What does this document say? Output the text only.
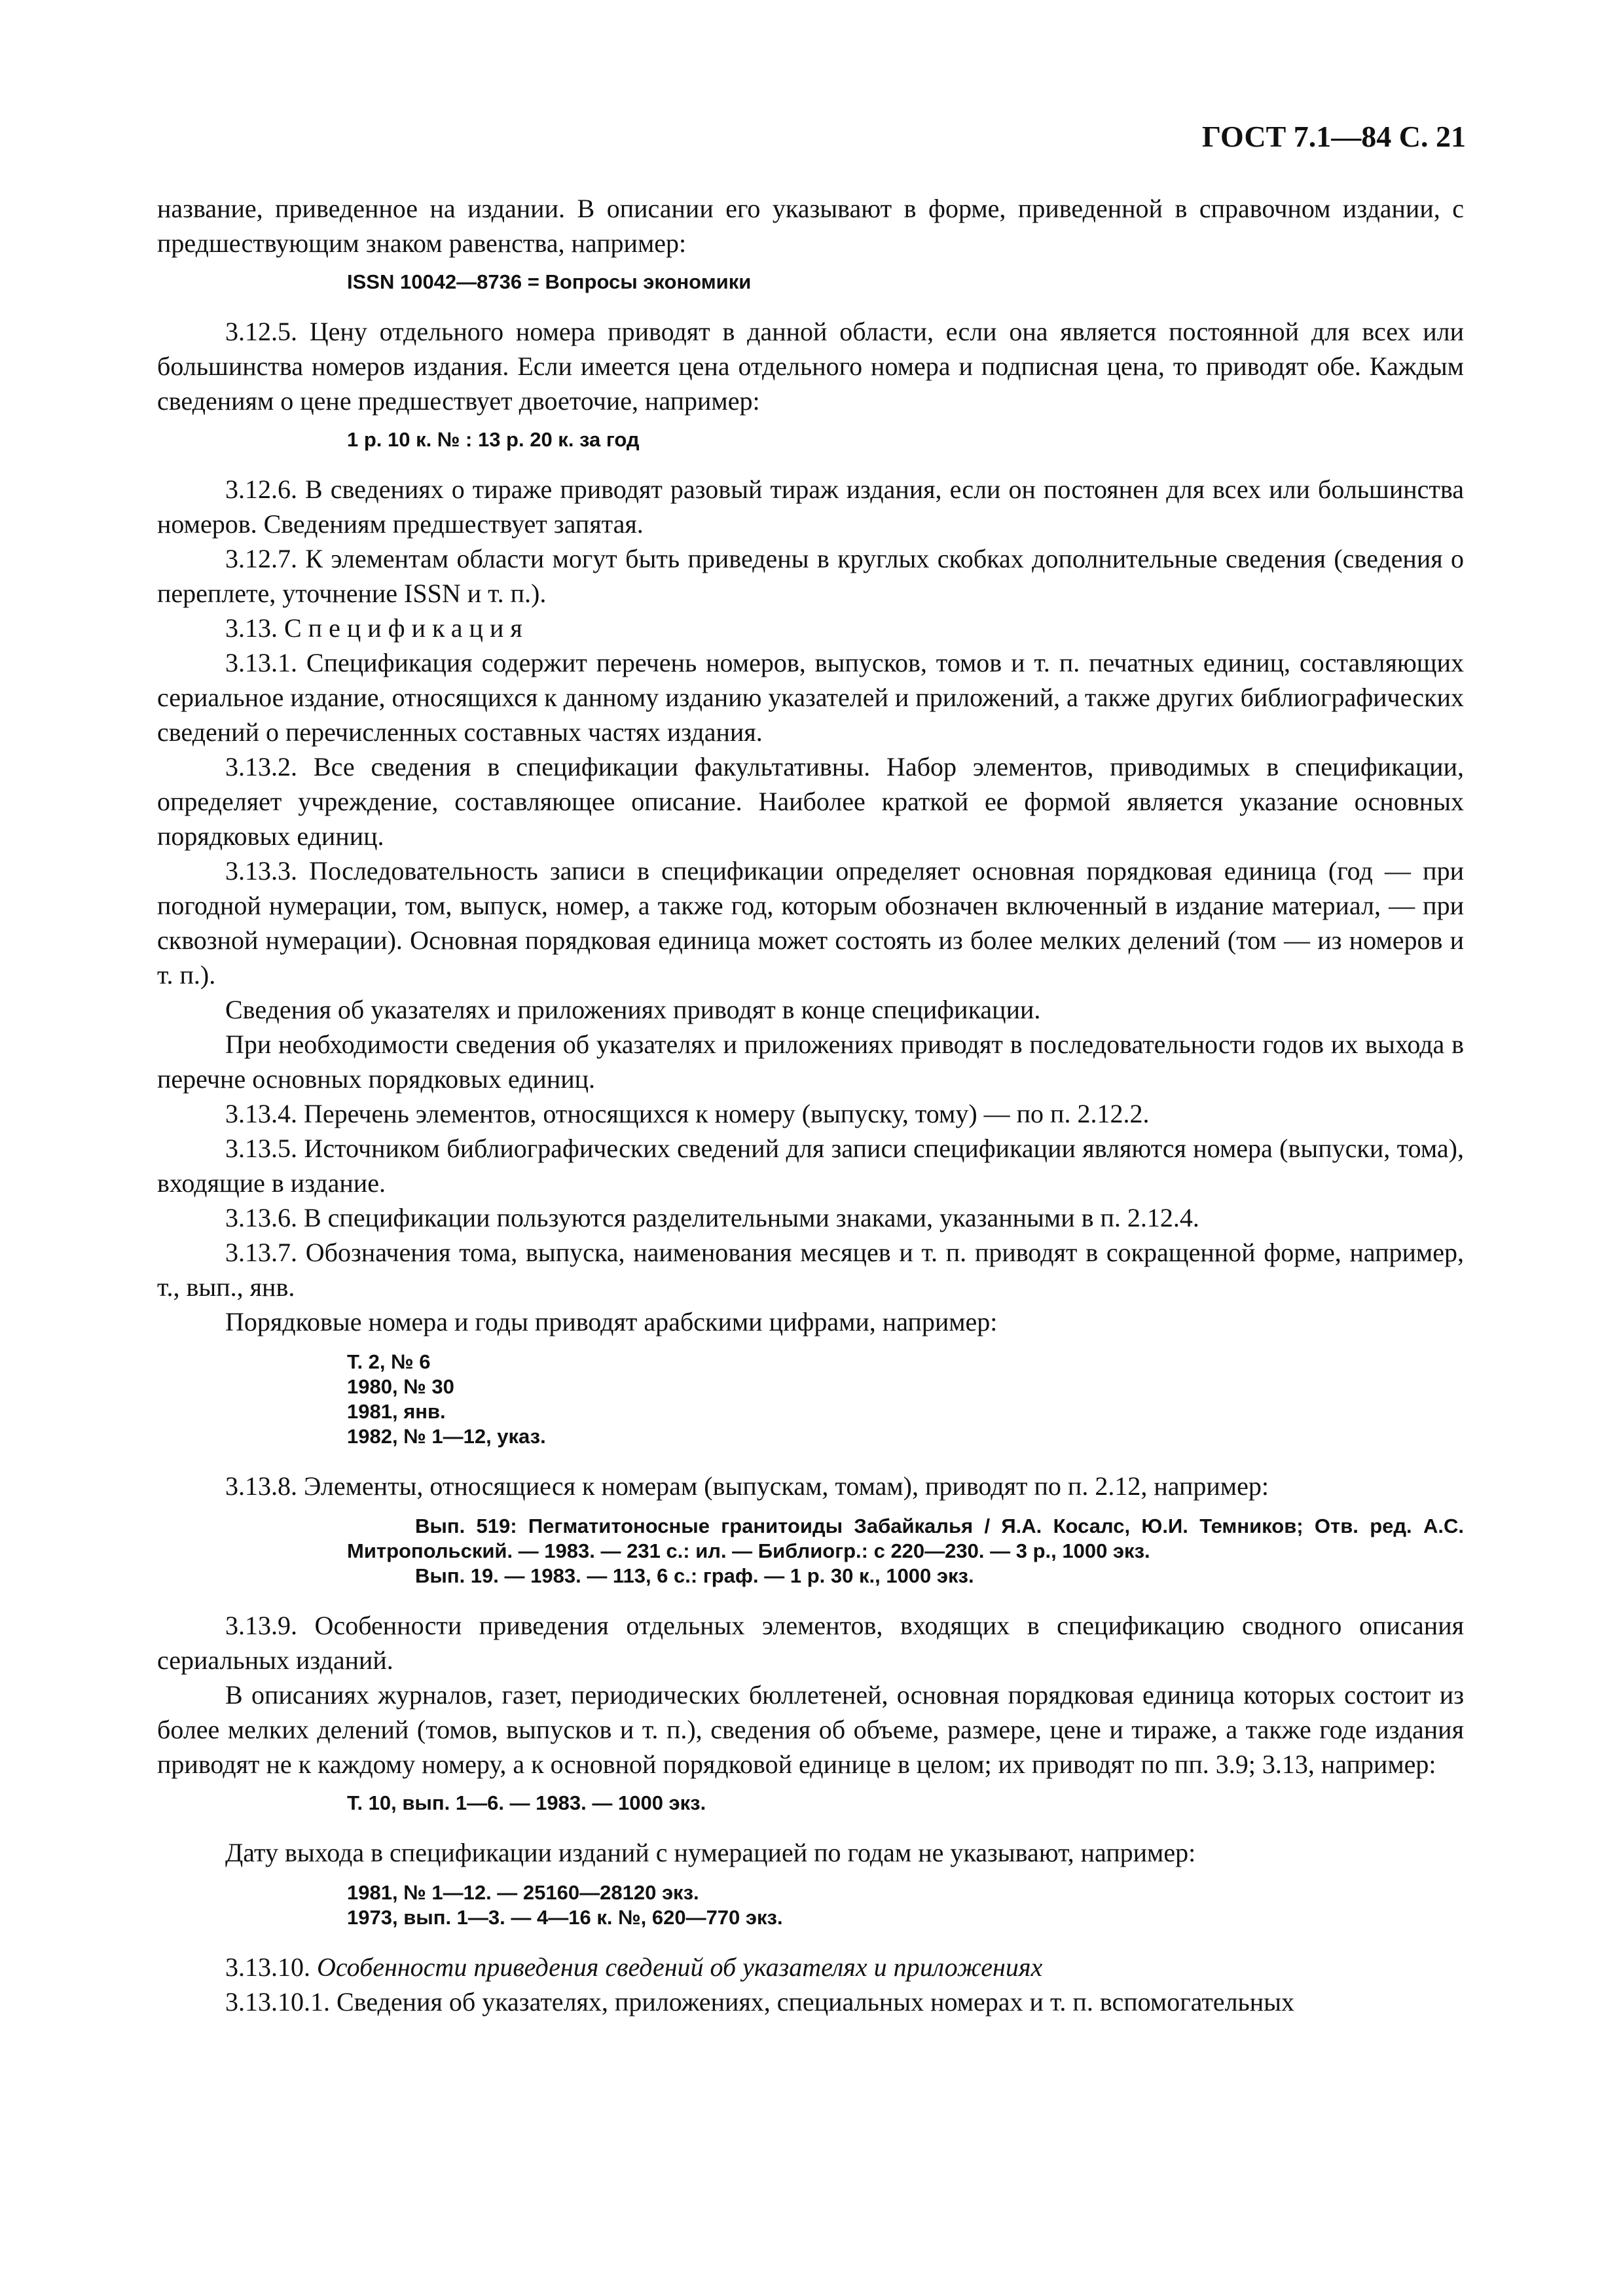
ГОСТ 7.1—84 С. 21

название, приведенное на издании. В описании его указывают в форме, приведенной в справочном издании, с предшествующим знаком равенства, например:

ISSN 10042—8736 = Вопросы экономики

3.12.5. Цену отдельного номера приводят в данной области, если она является постоянной для всех или большинства номеров издания. Если имеется цена отдельного номера и подписная цена, то приводят обе. Каждым сведениям о цене предшествует двоеточие, например:

1 р. 10 к. № : 13 р. 20 к. за год

3.12.6. В сведениях о тираже приводят разовый тираж издания, если он постоянен для всех или большинства номеров. Сведениям предшествует запятая.

3.12.7. К элементам области могут быть приведены в круглых скобках дополнительные сведения (сведения о переплете, уточнение ISSN и т. п.).

3.13. Спецификация

3.13.1. Спецификация содержит перечень номеров, выпусков, томов и т. п. печатных единиц, составляющих сериальное издание, относящихся к данному изданию указателей и приложений, а также других библиографических сведений о перечисленных составных частях издания.

3.13.2. Все сведения в спецификации факультативны. Набор элементов, приводимых в спецификации, определяет учреждение, составляющее описание. Наиболее краткой ее формой является указание основных порядковых единиц.

3.13.3. Последовательность записи в спецификации определяет основная порядковая единица (год — при погодной нумерации, том, выпуск, номер, а также год, которым обозначен включенный в издание материал, — при сквозной нумерации). Основная порядковая единица может состоять из более мелких делений (том — из номеров и т. п.).

Сведения об указателях и приложениях приводят в конце спецификации.

При необходимости сведения об указателях и приложениях приводят в последовательности годов их выхода в перечне основных порядковых единиц.

3.13.4. Перечень элементов, относящихся к номеру (выпуску, тому) — по п. 2.12.2.

3.13.5. Источником библиографических сведений для записи спецификации являются номера (выпуски, тома), входящие в издание.

3.13.6. В спецификации пользуются разделительными знаками, указанными в п. 2.12.4.

3.13.7. Обозначения тома, выпуска, наименования месяцев и т. п. приводят в сокращенной форме, например, т., вып., янв.

Порядковые номера и годы приводят арабскими цифрами, например:

Т. 2, № 6

1980, № 30

1981, янв.

1982, № 1—12, указ.

3.13.8. Элементы, относящиеся к номерам (выпускам, томам), приводят по п. 2.12, например:

Вып. 519: Пегматитоносные гранитоиды Забайкалья / Я.А. Косалс, Ю.И. Темников; Отв. ред. А.С. Митропольский. — 1983. — 231 с.: ил. — Библиогр.: с 220—230. — 3 р., 1000 экз.

Вып. 19. — 1983. — 113, 6 с.: граф. — 1 р. 30 к., 1000 экз.

3.13.9. Особенности приведения отдельных элементов, входящих в спецификацию сводного описания сериальных изданий.

В описаниях журналов, газет, периодических бюллетеней, основная порядковая единица которых состоит из более мелких делений (томов, выпусков и т. п.), сведения об объеме, размере, цене и тираже, а также годе издания приводят не к каждому номеру, а к основной порядковой единице в целом; их приводят по пп. 3.9; 3.13, например:

Т. 10, вып. 1—6. — 1983. — 1000 экз.

Дату выхода в спецификации изданий с нумерацией по годам не указывают, например:

1981, № 1—12. — 25160—28120 экз.

1973, вып. 1—3. — 4—16 к. №, 620—770 экз.

3.13.10. Особенности приведения сведений об указателях и приложениях

3.13.10.1. Сведения об указателях, приложениях, специальных номерах и т. п. вспомогательных
